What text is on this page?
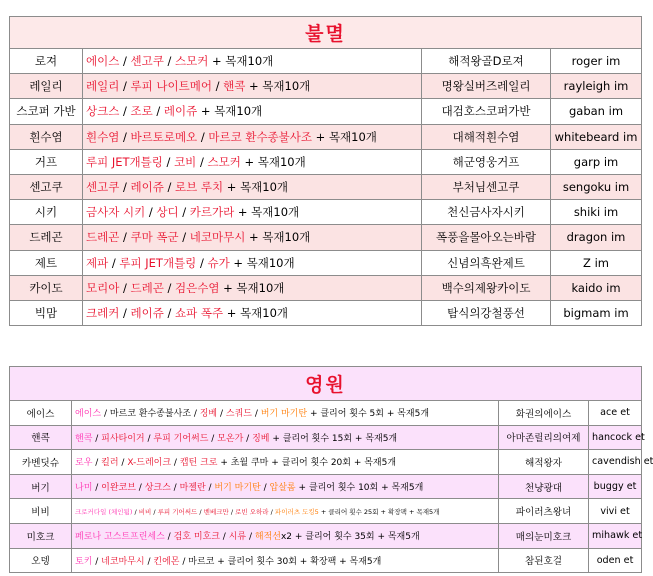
불멸			
로져	에이스 / 센고쿠 / 스모커 + 목재10개	해적왕골D로져	roger im
레일리	레일리 / 루피 나이트메어 / 핸콕 + 목재10개	명왕실버즈레일리	rayleigh im
스코퍼 가반	상크스 / 조로 / 레이쥬 + 목재10개	대검호스코퍼가반	gaban im
흰수염	흰수염 / 바르토로메오 / 마르코 환수종불사조 + 목재10개	대해적흰수염	whitebeard im
거프	루피 JET개틀링 / 코비 / 스모커 + 목재10개	해군영웅거프	garp im
센고쿠	센고쿠 / 레이쥬 / 로브 루치 + 목재10개	부처님센고쿠	sengoku im
시키	금사자 시키 / 상디 / 카르가라 + 목재10개	천신금사자시키	shiki im
드레곤	드레곤 / 쿠마 폭군 / 네코마무시 + 목재10개	폭풍을몰아오는바람	dragon im
제트	제파 / 루피 JET개틀링 / 슈가 + 목재10개	신념의흑완제트	Z im
카이도	모리아 / 드레곤 / 검은수염 + 목재10개	백수의제왕카이도	kaido im
빅맘	크레커 / 레이쥬 / 쇼파 폭주 + 목재10개	탐식의강철풍선	bigmam im
영원			
에이스	에이스 / 마르코 환수종불사조 / 징베 / 스쿼드 / 버기 마기탄 + 클리어 횟수 5회 + 목재5개	화권의에이스	ace et
핸콕	핸콕 / 피사타이거 / 루피 기어써드 / 모온가 / 징베 + 클리어 횟수 15회 + 목재5개	아마존릴리의여제	hancock et
카벤딧슈	로우 / 킬러 / X-드레이크 / 캡틴 크로 + 초월 쿠마 + 클리어 횟수 20회 + 목재5개	해적왕자	cavendish et
버기	나미 / 이완코브 / 상크스 / 마젤란 / 버기 마기탄 / 압살롬 + 클리어 횟수 10회 + 목재5개	천냥광대	buggy et
비비	크로커다일 (체인됨) / 비비 / 루피 기어써드 / 벤베크만 / 로빈 오하라 / 파이러츠 도킹5 + 클리어 횟수 25회 + 확장팩 + 목재5개	파이러츠왕녀	vivi et
미호크	페로나 고스트프린세스 / 검호 미호크 / 시류 / 해적선x2 + 클리어 횟수 35회 + 목재5개	매의눈미호크	mihawk et
오뎅	토키 / 네코마무시 / 킨에몬 / 마르코 + 클리어 횟수 30회 + 확장팩 + 목재5개	참된호걸	oden et
